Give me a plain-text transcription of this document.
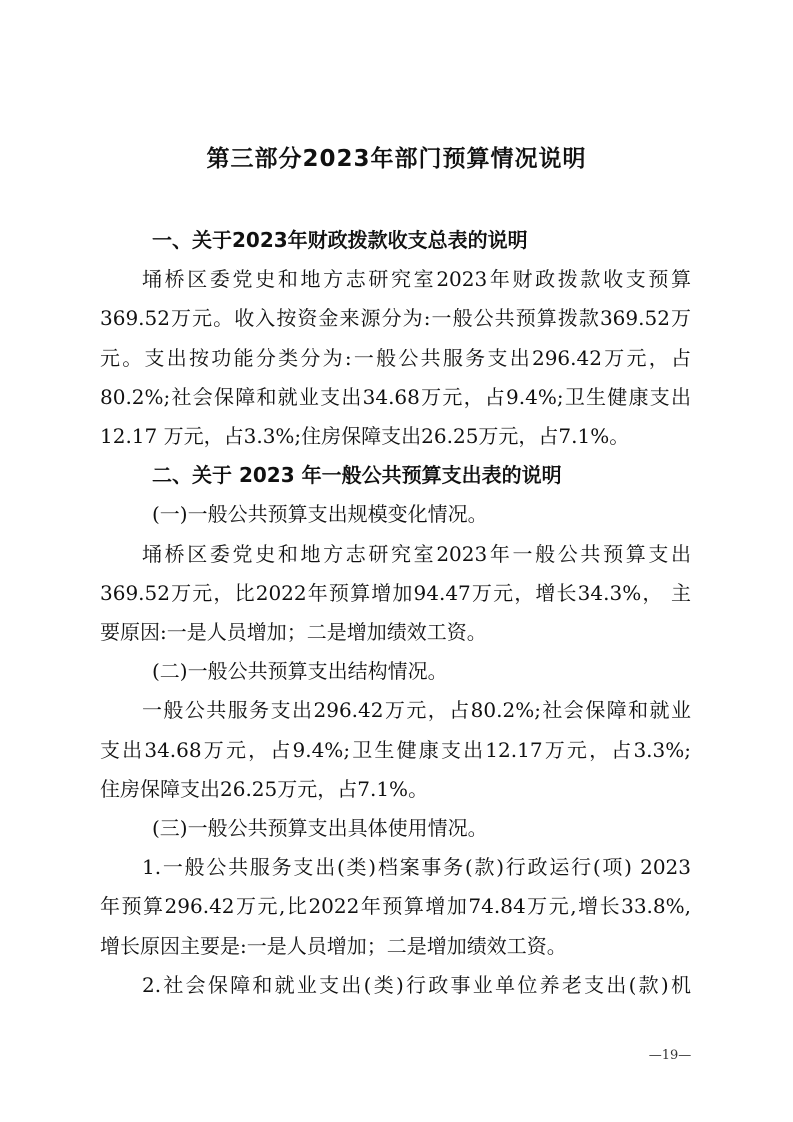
第三部分2023年部门预算情况说明
一、关于2023年财政拨款收支总表的说明
埇桥区委党史和地方志研究室2023年财政拨款收支预算
369.52万元。收入按资金来源分为:一般公共预算拨款369.52万
元。支出按功能分类分为:一般公共服务支出296.42万元，占
80.2%;社会保障和就业支出34.68万元，占9.4%;卫生健康支出
12.17 万元，占3.3%;住房保障支出26.25万元，占7.1%。
二、关于 2023 年一般公共预算支出表的说明
(一)一般公共预算支出规模变化情况。
埇桥区委党史和地方志研究室2023年一般公共预算支出
369.52万元，比2022年预算增加94.47万元，增长34.3%， 主
要原因:一是人员增加；二是增加绩效工资。
(二)一般公共预算支出结构情况。
一般公共服务支出296.42万元，占80.2%;社会保障和就业
支出34.68万元，占9.4%;卫生健康支出12.17万元，占3.3%;
住房保障支出26.25万元，占7.1%。
(三)一般公共预算支出具体使用情况。
1.一般公共服务支出(类)档案事务(款)行政运行(项) 2023
年预算296.42万元,比2022年预算增加74.84万元,增长33.8%,
增长原因主要是:一是人员增加；二是增加绩效工资。
2.社会保障和就业支出(类)行政事业单位养老支出(款)机
—19—
